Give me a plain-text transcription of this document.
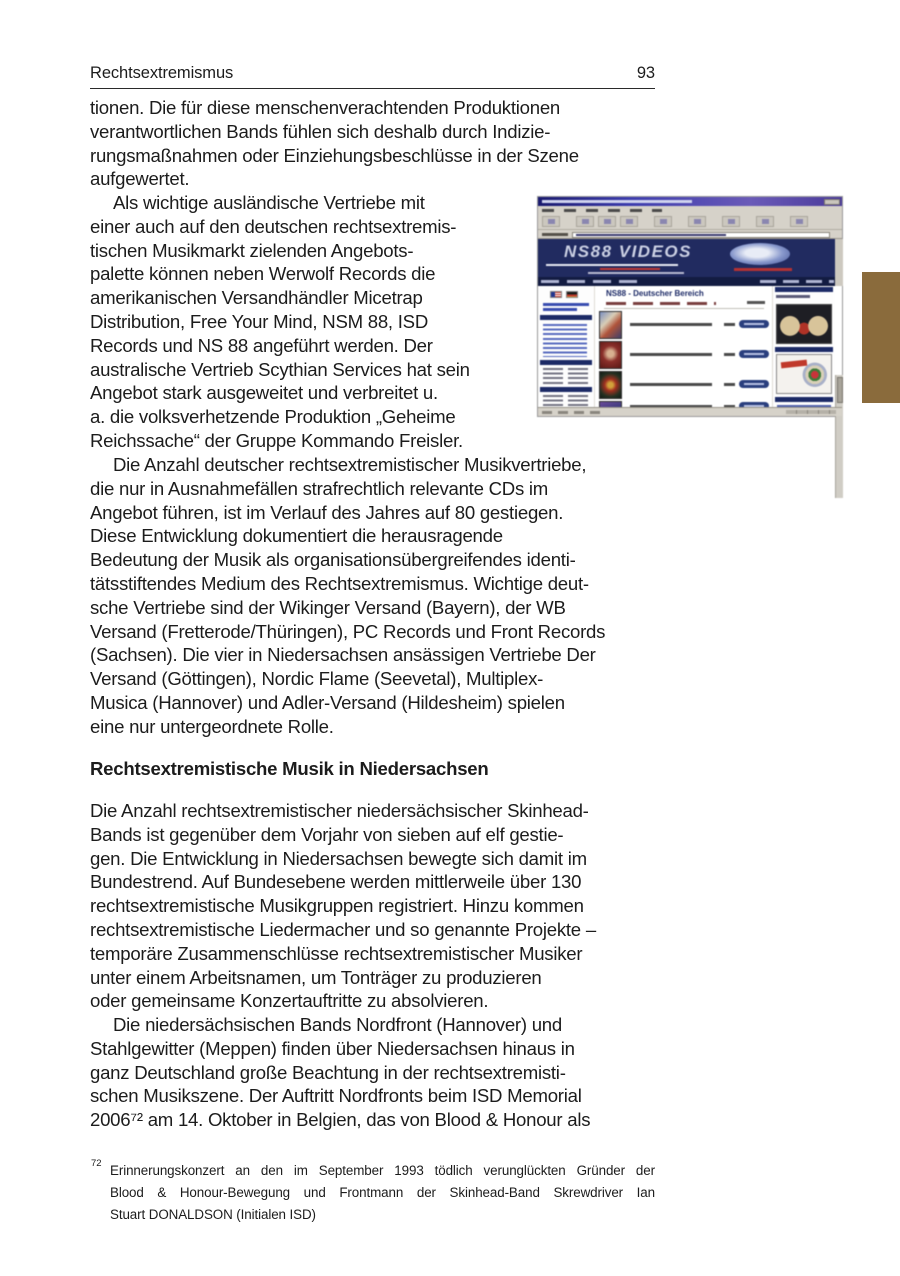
Rechtsextremismus	93
tionen. Die für diese menschenverachtenden Produktionen
verantwortlichen Bands fühlen sich deshalb durch Indizie-
rungsmaßnahmen oder Einziehungsbeschlüsse in der Szene
aufgewertet.
Als wichtige ausländische Vertriebe mit
einer auch auf den deutschen rechtsextremis-
tischen Musikmarkt zielenden Angebots-
palette können neben Werwolf Records die
amerikanischen Versandhändler Micetrap
Distribution, Free Your Mind, NSM 88, ISD
Records und NS 88 angeführt werden. Der
australische Vertrieb Scythian Services hat sein
Angebot stark ausgeweitet und verbreitet u.
a. die volksverhetzende Produktion „Geheime
Reichssache“ der Gruppe Kommando Freisler.
Die Anzahl deutscher rechtsextremistischer Musikvertriebe,
die nur in Ausnahmefällen strafrechtlich relevante CDs im
Angebot führen, ist im Verlauf des Jahres auf 80 gestiegen.
Diese Entwicklung dokumentiert die herausragende
Bedeutung der Musik als organisationsübergreifendes identi-
tätsstiftendes Medium des Rechtsextremismus. Wichtige deut-
sche Vertriebe sind der Wikinger Versand (Bayern), der WB
Versand (Fretterode/Thüringen), PC Records und Front Records
(Sachsen). Die vier in Niedersachsen ansässigen Vertriebe Der
Versand (Göttingen), Nordic Flame (Seevetal), Multiplex-
Musica (Hannover) und Adler-Versand (Hildesheim) spielen
eine nur untergeordnete Rolle.
Rechtsextremistische Musik in Niedersachsen
Die Anzahl rechtsextremistischer niedersächsischer Skinhead-
Bands ist gegenüber dem Vorjahr von sieben auf elf gestie-
gen. Die Entwicklung in Niedersachsen bewegte sich damit im
Bundestrend. Auf Bundesebene werden mittlerweile über 130
rechtsextremistische Musikgruppen registriert. Hinzu kommen
rechtsextremistische Liedermacher und so genannte Projekte –
temporäre Zusammenschlüsse rechtsextremistischer Musiker
unter einem Arbeitsnamen, um Tonträger zu produzieren
oder gemeinsame Konzertauftritte zu absolvieren.
Die niedersächsischen Bands Nordfront (Hannover) und
Stahlgewitter (Meppen) finden über Niedersachsen hinaus in
ganz Deutschland große Beachtung in der rechtsextremisti-
schen Musikszene. Der Auftritt Nordfronts beim ISD Memorial
2006⁷² am 14. Oktober in Belgien, das von Blood & Honour als
72 Erinnerungskonzert an den im September 1993 tödlich verunglückten Gründer der
Blood & Honour-Bewegung und Frontmann der Skinhead-Band Skrewdriver Ian
Stuart DONALDSON (Initialen ISD)
NS88 VIDEOS
NS88 - Deutscher Bereich
